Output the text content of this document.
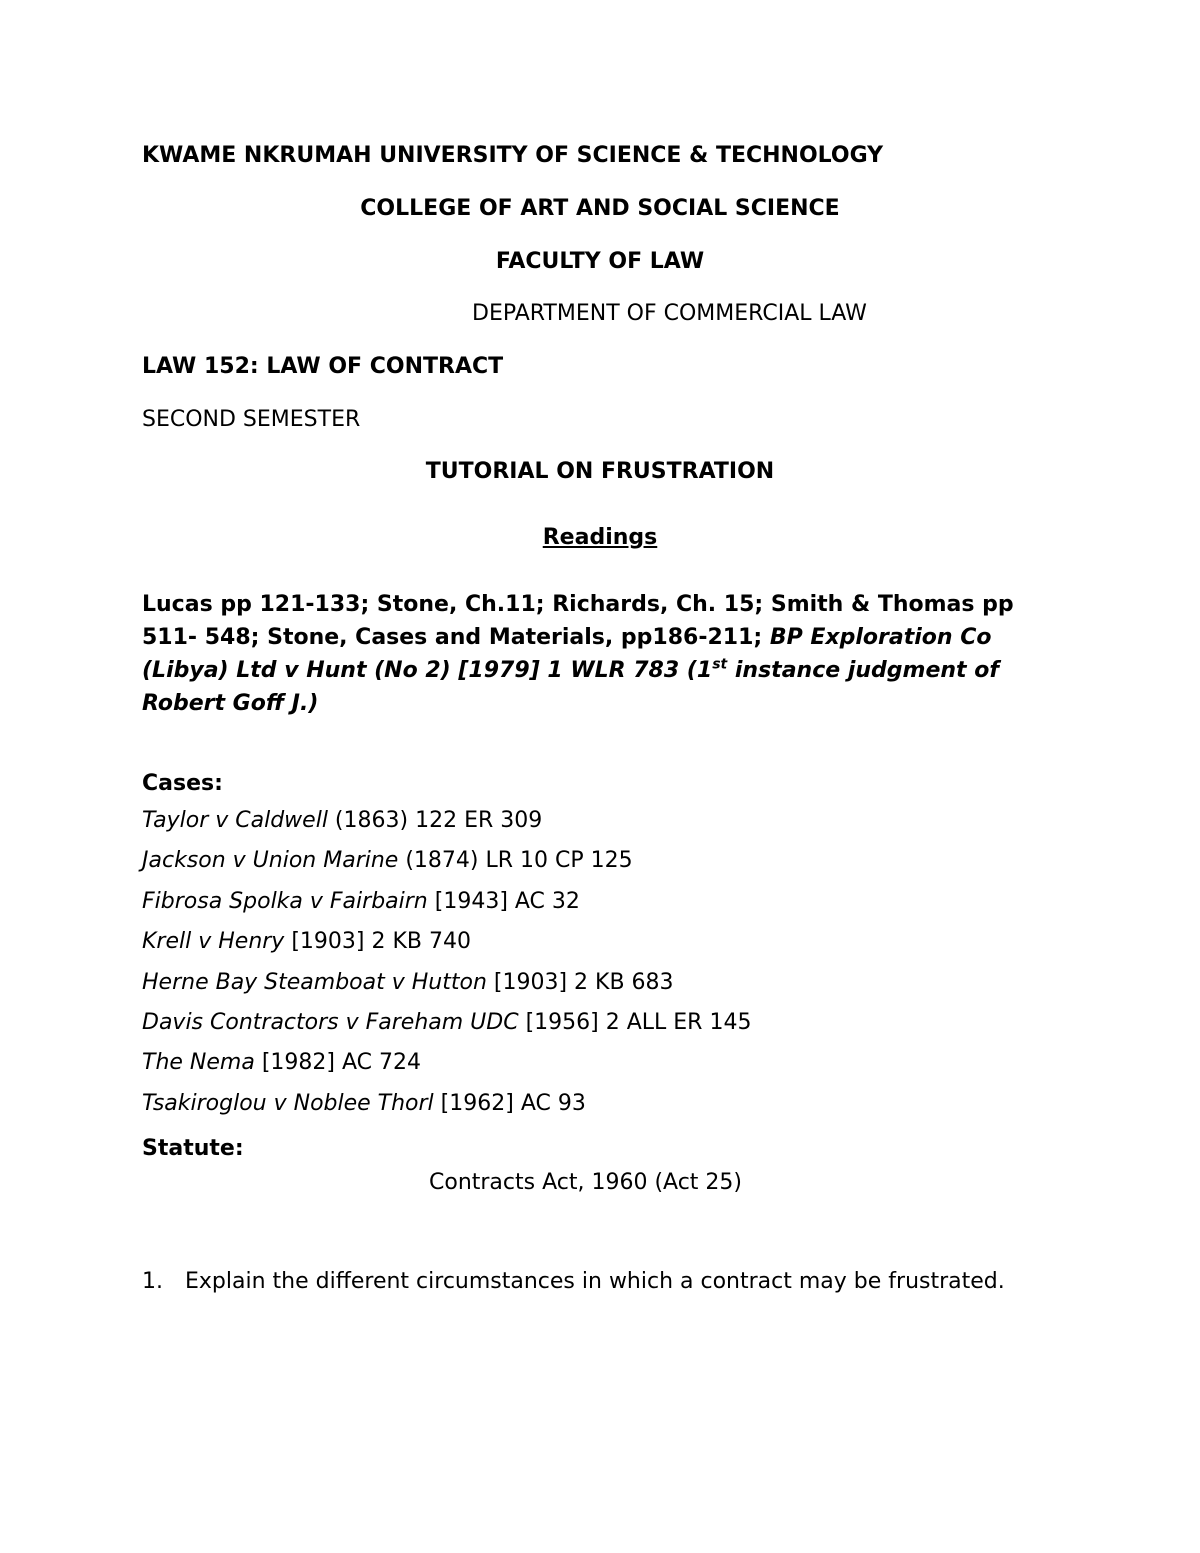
KWAME NKRUMAH UNIVERSITY OF SCIENCE & TECHNOLOGY
COLLEGE OF ART AND SOCIAL SCIENCE
FACULTY OF LAW
DEPARTMENT OF COMMERCIAL LAW
LAW 152: LAW OF CONTRACT
SECOND SEMESTER
TUTORIAL ON FRUSTRATION
Readings
Lucas pp 121-133; Stone, Ch.11; Richards, Ch. 15; Smith & Thomas pp 511- 548; Stone, Cases and Materials, pp186-211; BP Exploration Co (Libya) Ltd v Hunt (No 2) [1979] 1 WLR 783 (1st instance judgment of Robert Goff J.)
Cases:
Taylor v Caldwell (1863) 122 ER 309
Jackson v Union Marine (1874) LR 10 CP 125
Fibrosa Spolka v Fairbairn [1943] AC 32
Krell v Henry [1903] 2 KB 740
Herne Bay Steamboat v Hutton [1903] 2 KB 683
Davis Contractors v Fareham UDC [1956] 2 ALL ER 145
The Nema [1982] AC 724
Tsakiroglou v Noblee Thorl [1962] AC 93
Statute:
Contracts Act, 1960 (Act 25)
1. Explain the different circumstances in which a contract may be frustrated.
